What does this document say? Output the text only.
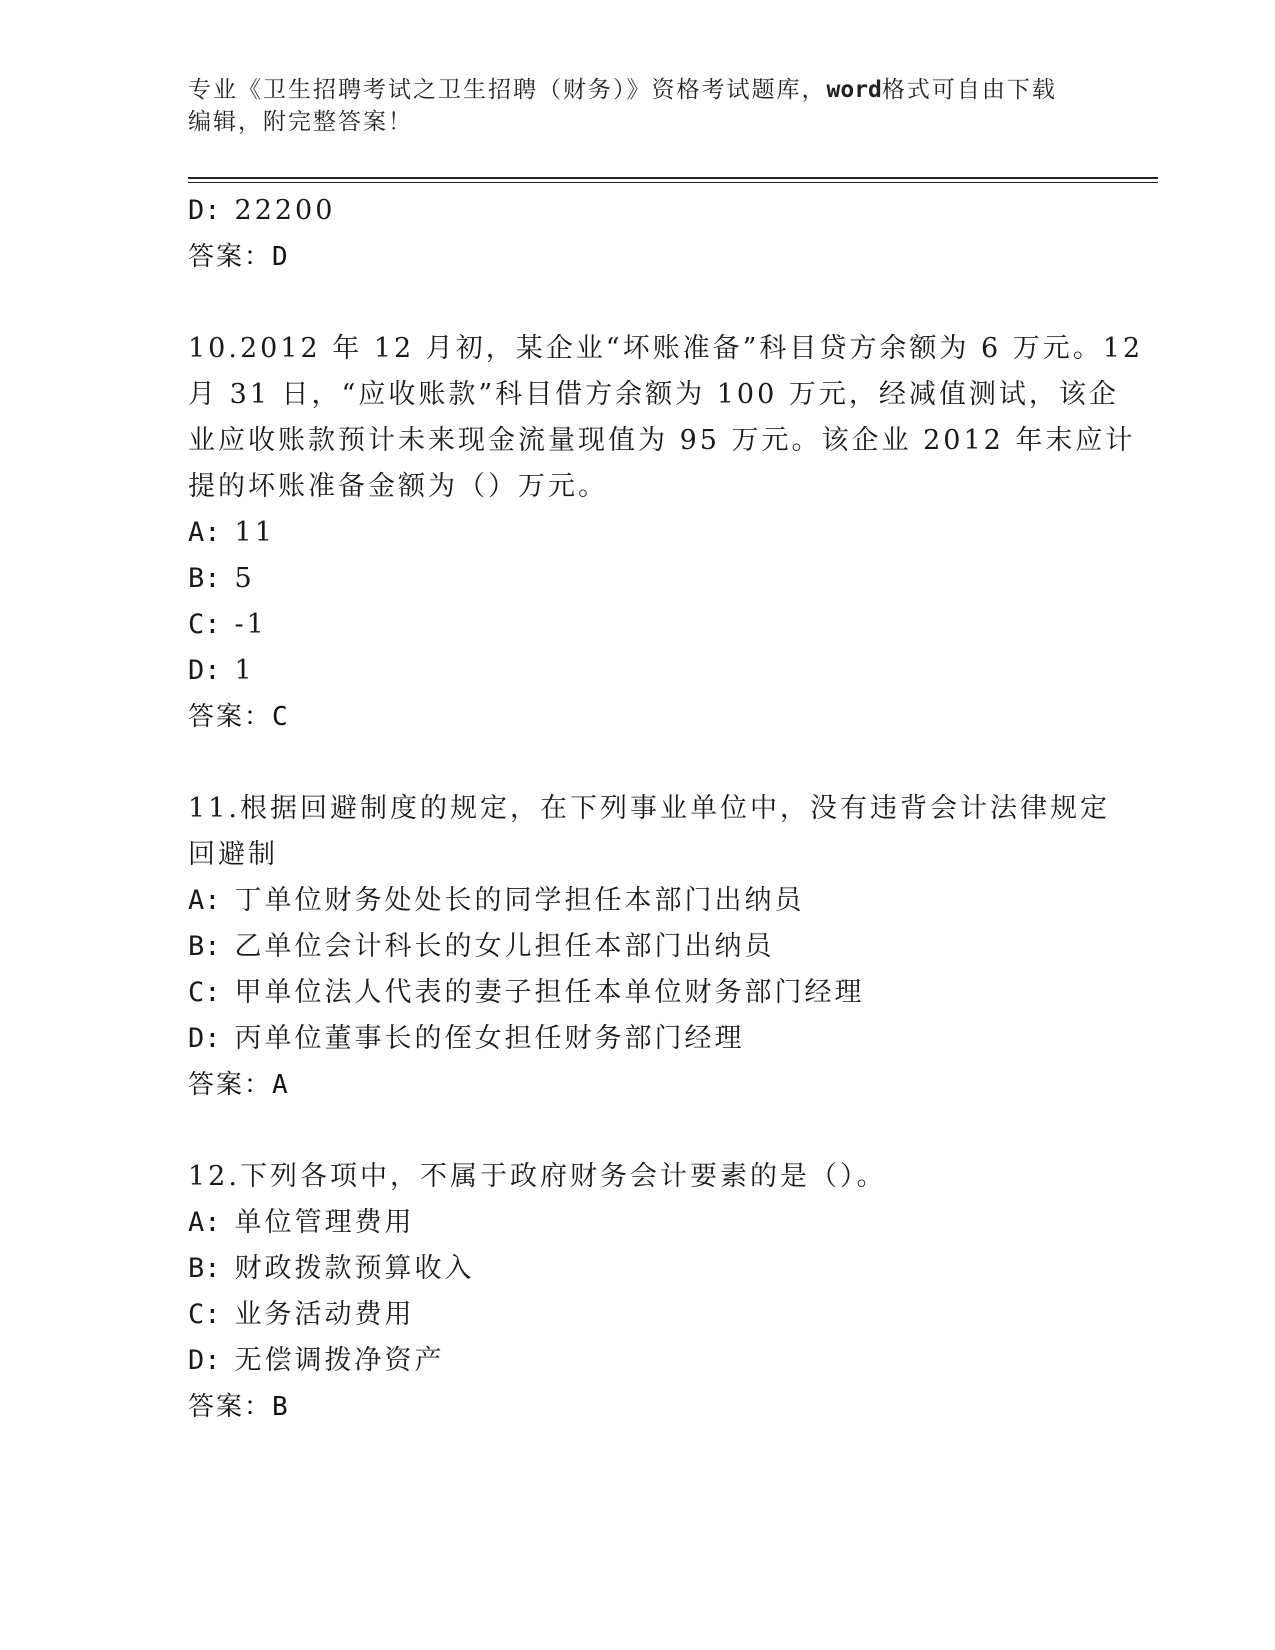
专业《卫生招聘考试之卫生招聘（财务）》资格考试题库，word格式可自由下载
编辑，附完整答案！
D: 22200
答案：D
10.2012 年 12 月初，某企业“坏账准备”科目贷方余额为 6 万元。12
月 31 日，“应收账款”科目借方余额为 100 万元，经减值测试，该企
业应收账款预计未来现金流量现值为 95 万元。该企业 2012 年末应计
提的坏账准备金额为（）万元。
A: 11
B: 5
C: -1
D: 1
答案：C
11.根据回避制度的规定，在下列事业单位中，没有违背会计法律规定
回避制
A: 丁单位财务处处长的同学担任本部门出纳员
B: 乙单位会计科长的女儿担任本部门出纳员
C: 甲单位法人代表的妻子担任本单位财务部门经理
D: 丙单位董事长的侄女担任财务部门经理
答案：A
12.下列各项中，不属于政府财务会计要素的是（）。
A: 单位管理费用
B: 财政拨款预算收入
C: 业务活动费用
D: 无偿调拨净资产
答案：B
